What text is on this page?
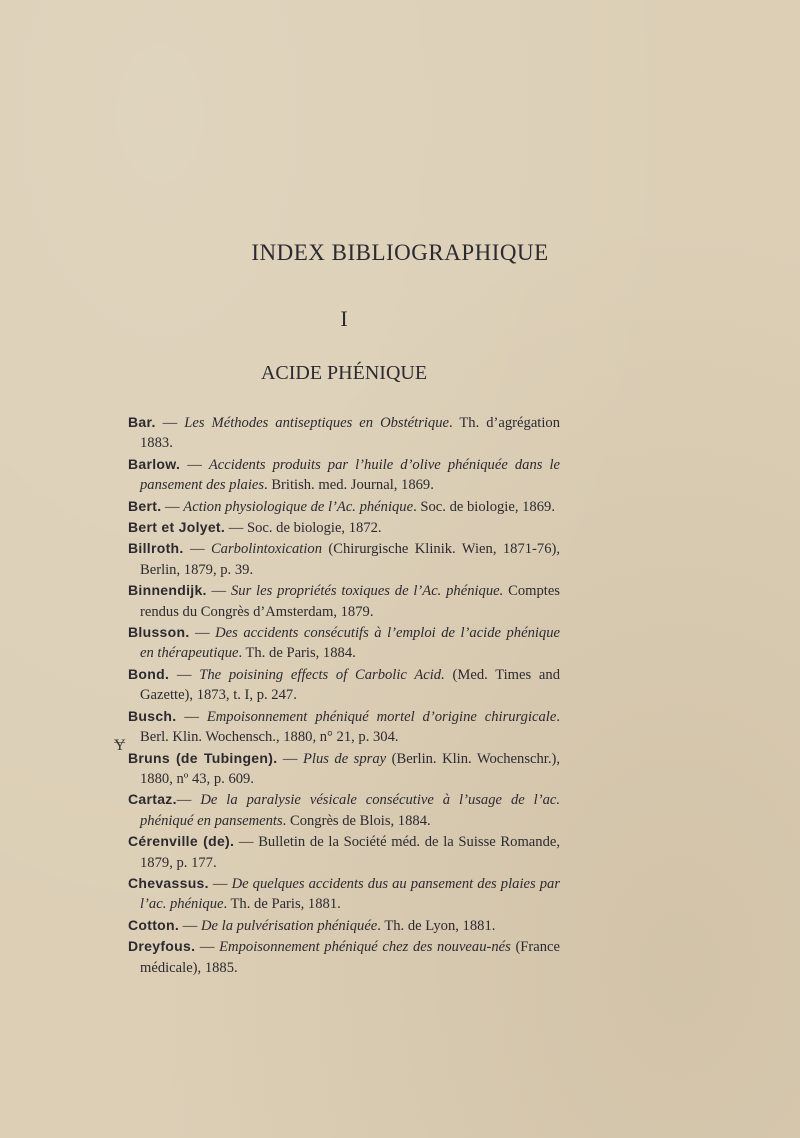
INDEX BIBLIOGRAPHIQUE
I
ACIDE PHÉNIQUE
Ɏ

Bar. — Les Méthodes antiseptiques en Obstétrique. Th. d’agrégation 1883.

Barlow. — Accidents produits par l’huile d’olive phéniquée dans le pansement des plaies. British. med. Journal, 1869.

Bert. — Action physiologique de l’Ac. phénique. Soc. de biologie, 1869.

Bert et Jolyet. — Soc. de biologie, 1872.

Billroth. — Carbolintoxication (Chirurgische Klinik. Wien, 1871-76), Berlin, 1879, p. 39.

Binnendijk. — Sur les propriétés toxiques de l’Ac. phénique. Comptes rendus du Congrès d’Amsterdam, 1879.

Blusson. — Des accidents consécutifs à l’emploi de l’acide phénique en thérapeutique. Th. de Paris, 1884.

Bond. — The poisining effects of Carbolic Acid. (Med. Times and Gazette), 1873, t. I, p. 247.

Busch. — Empoisonnement phéniqué mortel d’origine chirurgicale. Berl. Klin. Wochensch., 1880, n° 21, p. 304.

Bruns (de Tubingen). — Plus de spray (Berlin. Klin. Wochenschr.), 1880, nº 43, p. 609.

Cartaz.— De la paralysie vésicale consécutive à l’usage de l’ac. phéniqué en pansements. Congrès de Blois, 1884.

Cérenville (de). — Bulletin de la Société méd. de la Suisse Romande, 1879, p. 177.

Chevassus. — De quelques accidents dus au pansement des plaies par l’ac. phénique. Th. de Paris, 1881.

Cotton. — De la pulvérisation phéniquée. Th. de Lyon, 1881.

Dreyfous. — Empoisonnement phéniqué chez des nouveau-nés (France médicale), 1885.
